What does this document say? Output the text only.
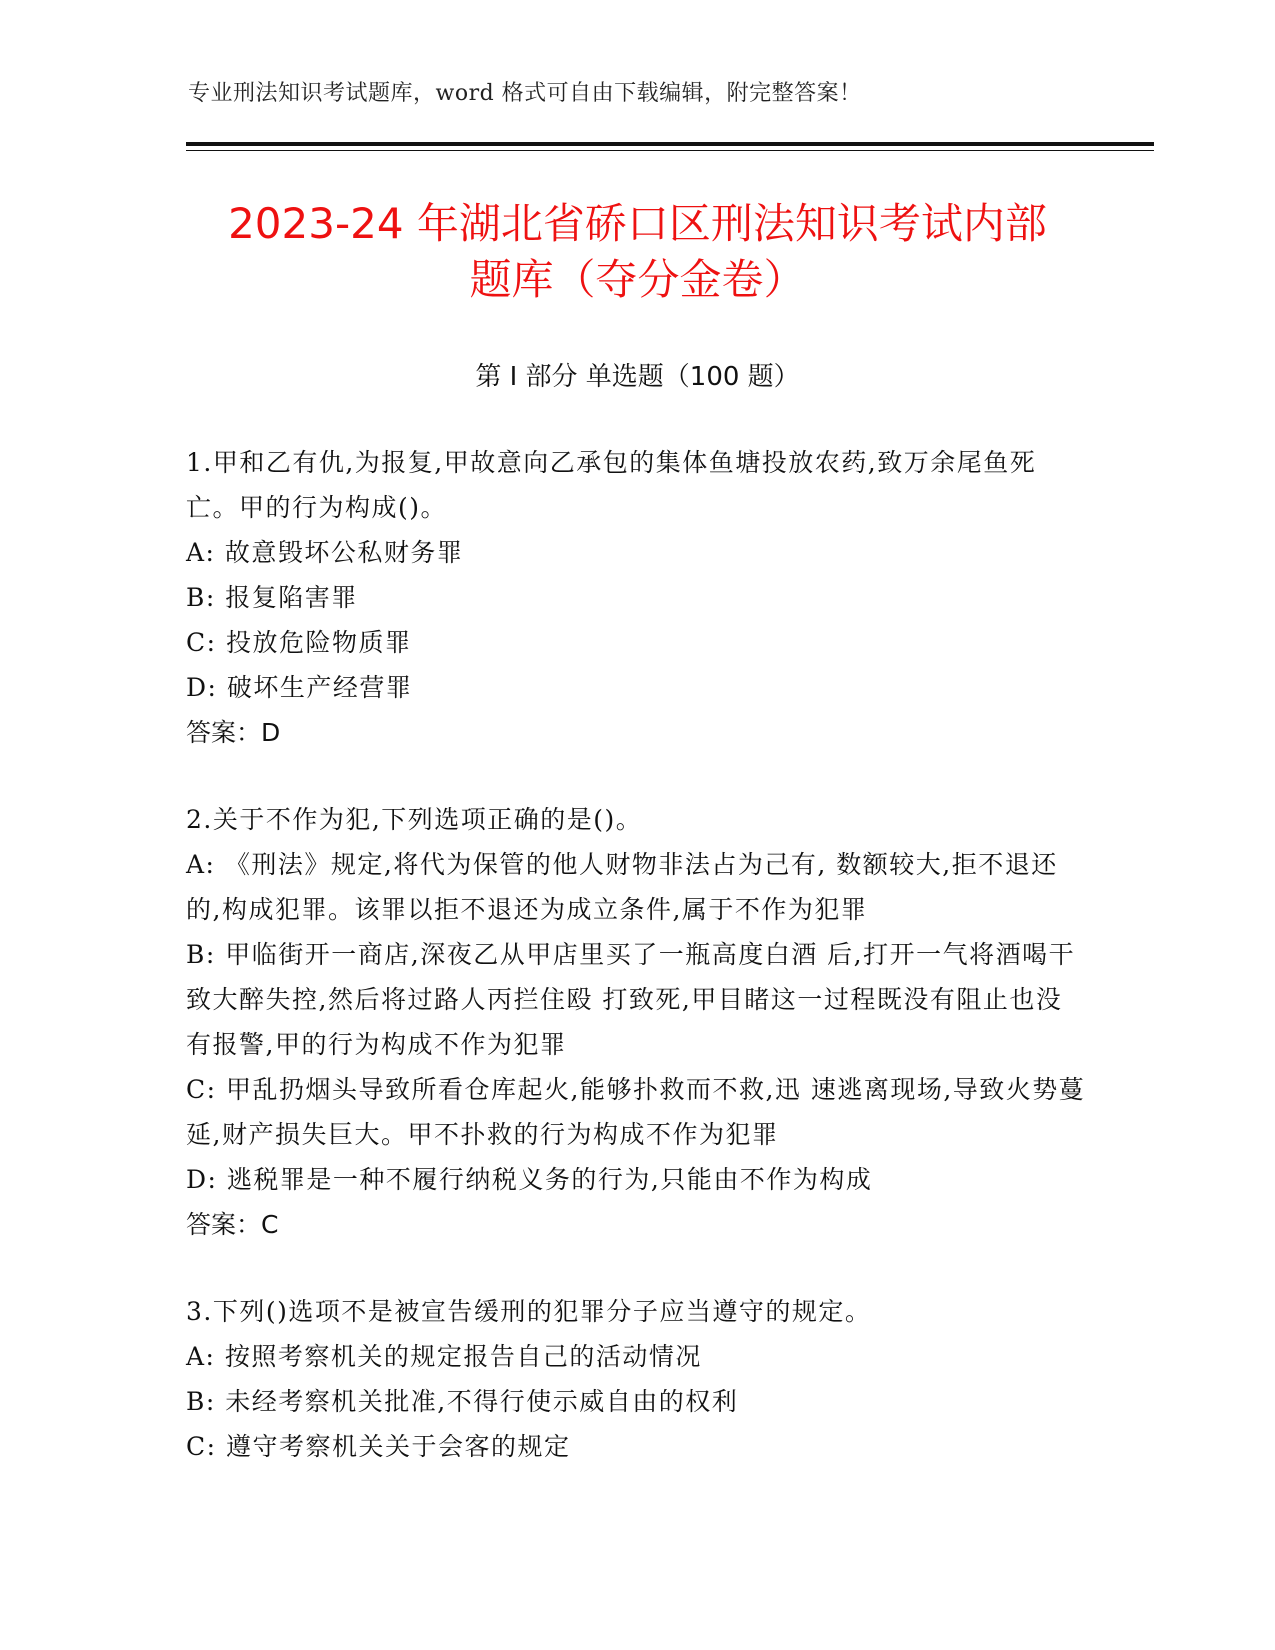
专业刑法知识考试题库，word 格式可自由下载编辑，附完整答案！
2023-24 年湖北省硚口区刑法知识考试内部
题库（夺分金卷）
第 I 部分 单选题（100 题）
1.甲和乙有仇,为报复,甲故意向乙承包的集体鱼塘投放农药,致万余尾鱼死亡。甲的行为构成()。
A: 故意毁坏公私财务罪
B: 报复陷害罪
C: 投放危险物质罪
D: 破坏生产经营罪
答案：D
2.关于不作为犯,下列选项正确的是()。
A: 《刑法》规定,将代为保管的他人财物非法占为己有, 数额较大,拒不退还的,构成犯罪。该罪以拒不退还为成立条件,属于不作为犯罪
B: 甲临街开一商店,深夜乙从甲店里买了一瓶高度白酒 后,打开一气将酒喝干致大醉失控,然后将过路人丙拦住殴 打致死,甲目睹这一过程既没有阻止也没有报警,甲的行为构成不作为犯罪
C: 甲乱扔烟头导致所看仓库起火,能够扑救而不救,迅 速逃离现场,导致火势蔓延,财产损失巨大。甲不扑救的行为构成不作为犯罪
D: 逃税罪是一种不履行纳税义务的行为,只能由不作为构成
答案：C
3.下列()选项不是被宣告缓刑的犯罪分子应当遵守的规定。
A: 按照考察机关的规定报告自己的活动情况
B: 未经考察机关批准,不得行使示威自由的权利
C: 遵守考察机关关于会客的规定
